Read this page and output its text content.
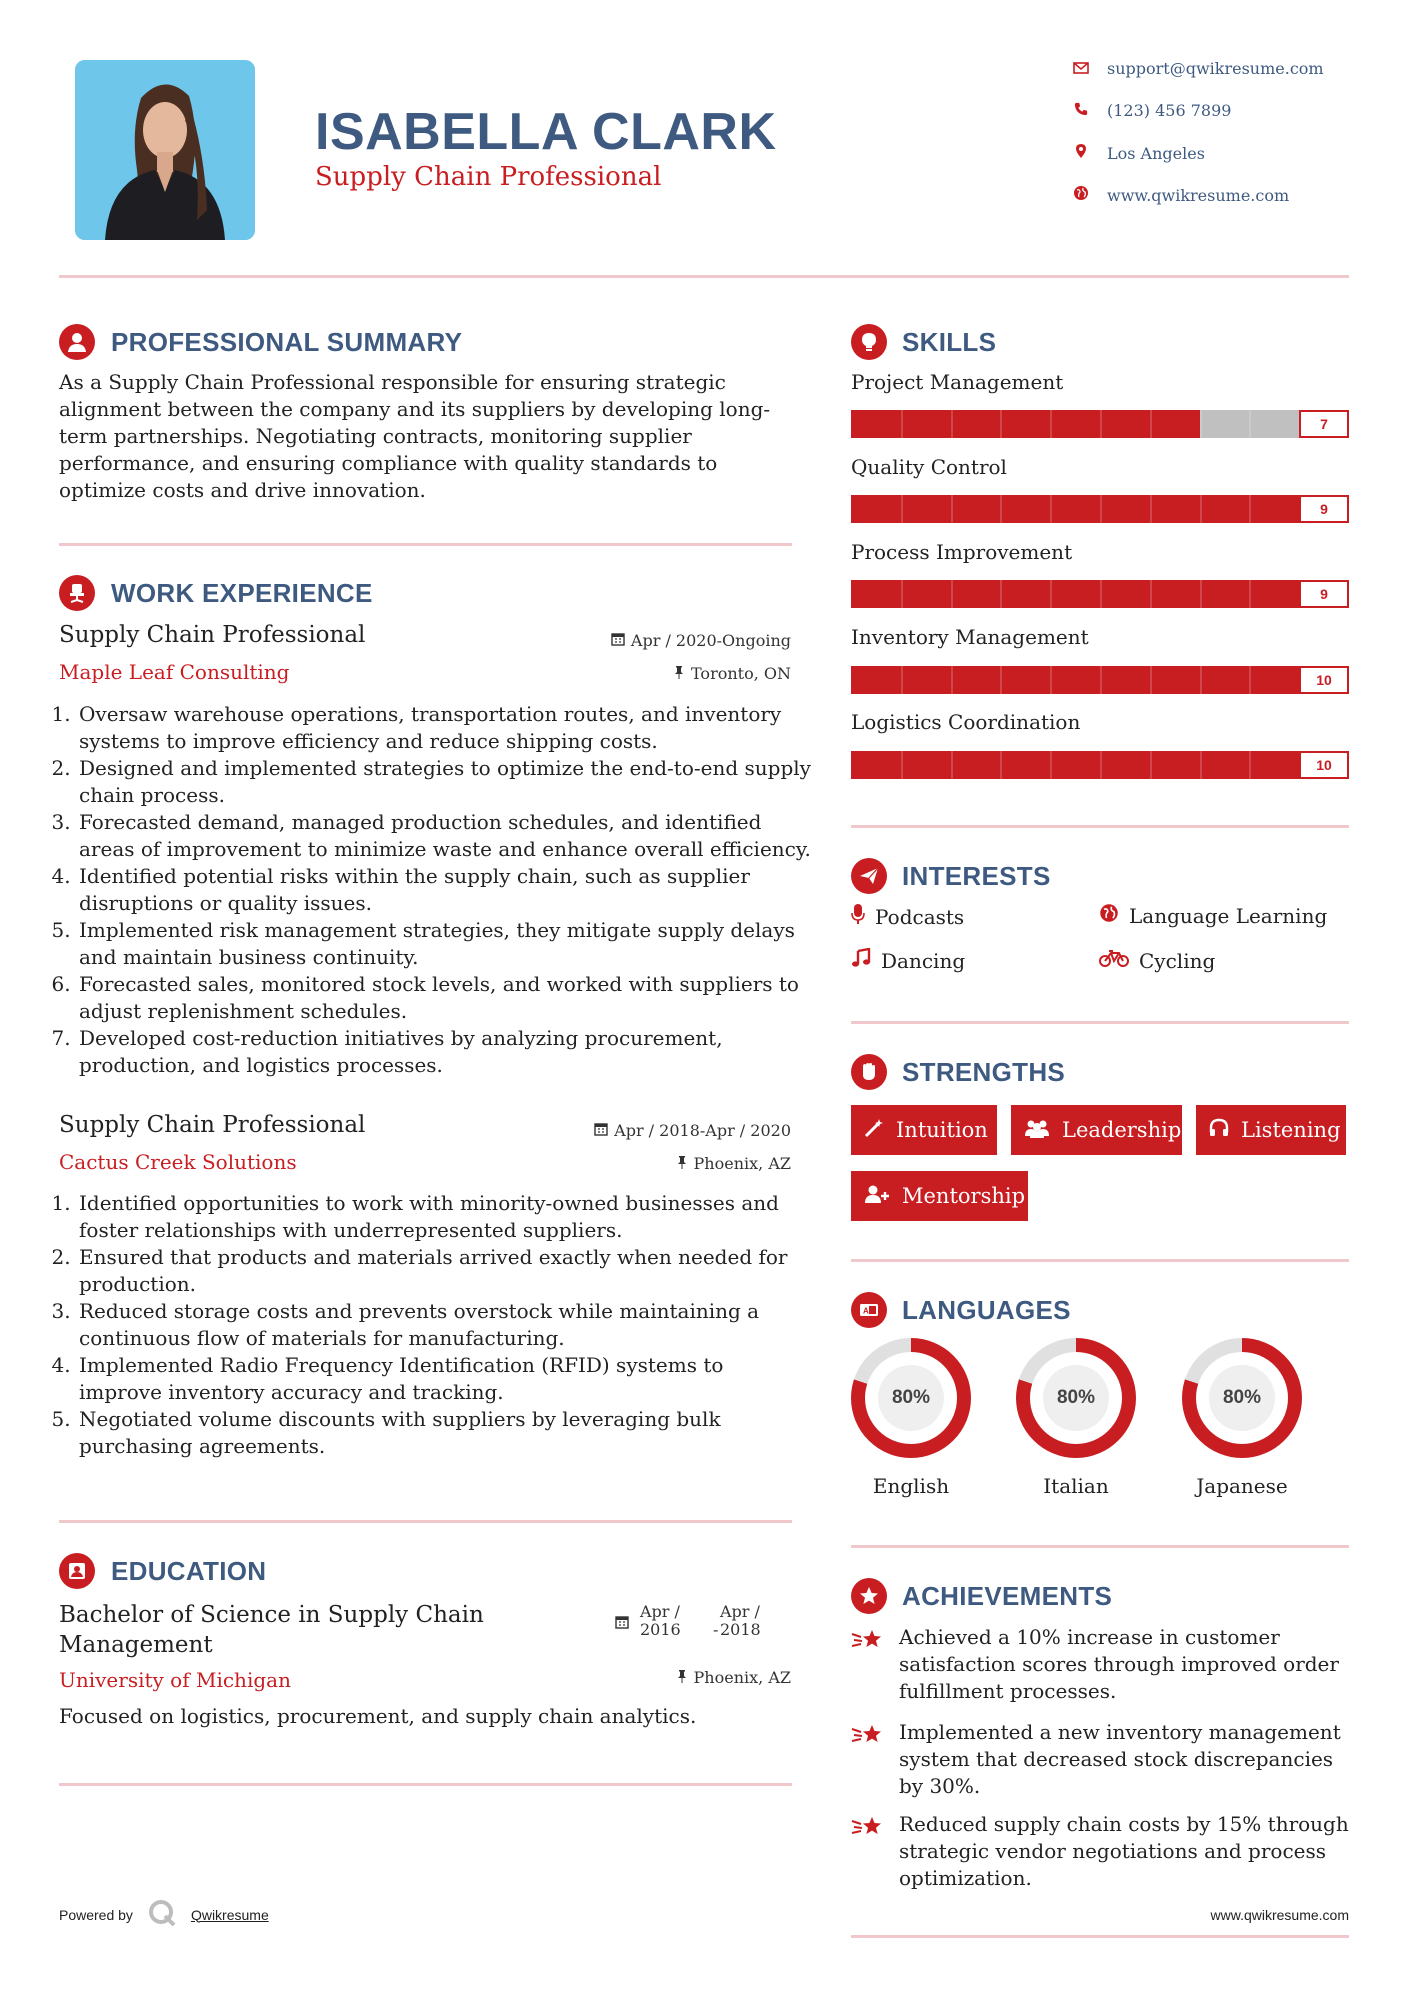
ISABELLA CLARK
Supply Chain Professional
support@qwikresume.com
(123) 456 7899
Los Angeles
www.qwikresume.com
PROFESSIONAL SUMMARY
As a Supply Chain Professional responsible for ensuring strategic alignment between the company and its suppliers by developing long-term partnerships. Negotiating contracts, monitoring supplier performance, and ensuring compliance with quality standards to optimize costs and drive innovation.
WORK EXPERIENCE
Supply Chain Professional
Maple Leaf Consulting
Apr / 2020-Ongoing
Toronto, ON
1. Oversaw warehouse operations, transportation routes, and inventory systems to improve efficiency and reduce shipping costs.
2. Designed and implemented strategies to optimize the end-to-end supply chain process.
3. Forecasted demand, managed production schedules, and identified areas of improvement to minimize waste and enhance overall efficiency.
4. Identified potential risks within the supply chain, such as supplier disruptions or quality issues.
5. Implemented risk management strategies, they mitigate supply delays and maintain business continuity.
6. Forecasted sales, monitored stock levels, and worked with suppliers to adjust replenishment schedules.
7. Developed cost-reduction initiatives by analyzing procurement, production, and logistics processes.
Supply Chain Professional
Cactus Creek Solutions
Apr / 2018-Apr / 2020
Phoenix, AZ
1. Identified opportunities to work with minority-owned businesses and foster relationships with underrepresented suppliers.
2. Ensured that products and materials arrived exactly when needed for production.
3. Reduced storage costs and prevents overstock while maintaining a continuous flow of materials for manufacturing.
4. Implemented Radio Frequency Identification (RFID) systems to improve inventory accuracy and tracking.
5. Negotiated volume discounts with suppliers by leveraging bulk purchasing agreements.
EDUCATION
Bachelor of Science in Supply Chain
Management
University of Michigan
Apr /
2016 -
Apr /
2018
Phoenix, AZ
Focused on logistics, procurement, and supply chain analytics.
SKILLS
Project Management
7
Quality Control
9
Process Improvement
9
Inventory Management
10
Logistics Coordination
10
INTERESTS
Podcasts	Language Learning
Dancing	Cycling
STRENGTHS
Intuition	Leadership	Listening
Mentorship
A LANGUAGES
80%
English
80%
Italian
80%
Japanese
ACHIEVEMENTS
Achieved a 10% increase in customer satisfaction scores through improved order fulfillment processes.
Implemented a new inventory management system that decreased stock discrepancies by 30%.
Reduced supply chain costs by 15% through strategic vendor negotiations and process optimization.
Powered by	Qwikresume	www.qwikresume.com
